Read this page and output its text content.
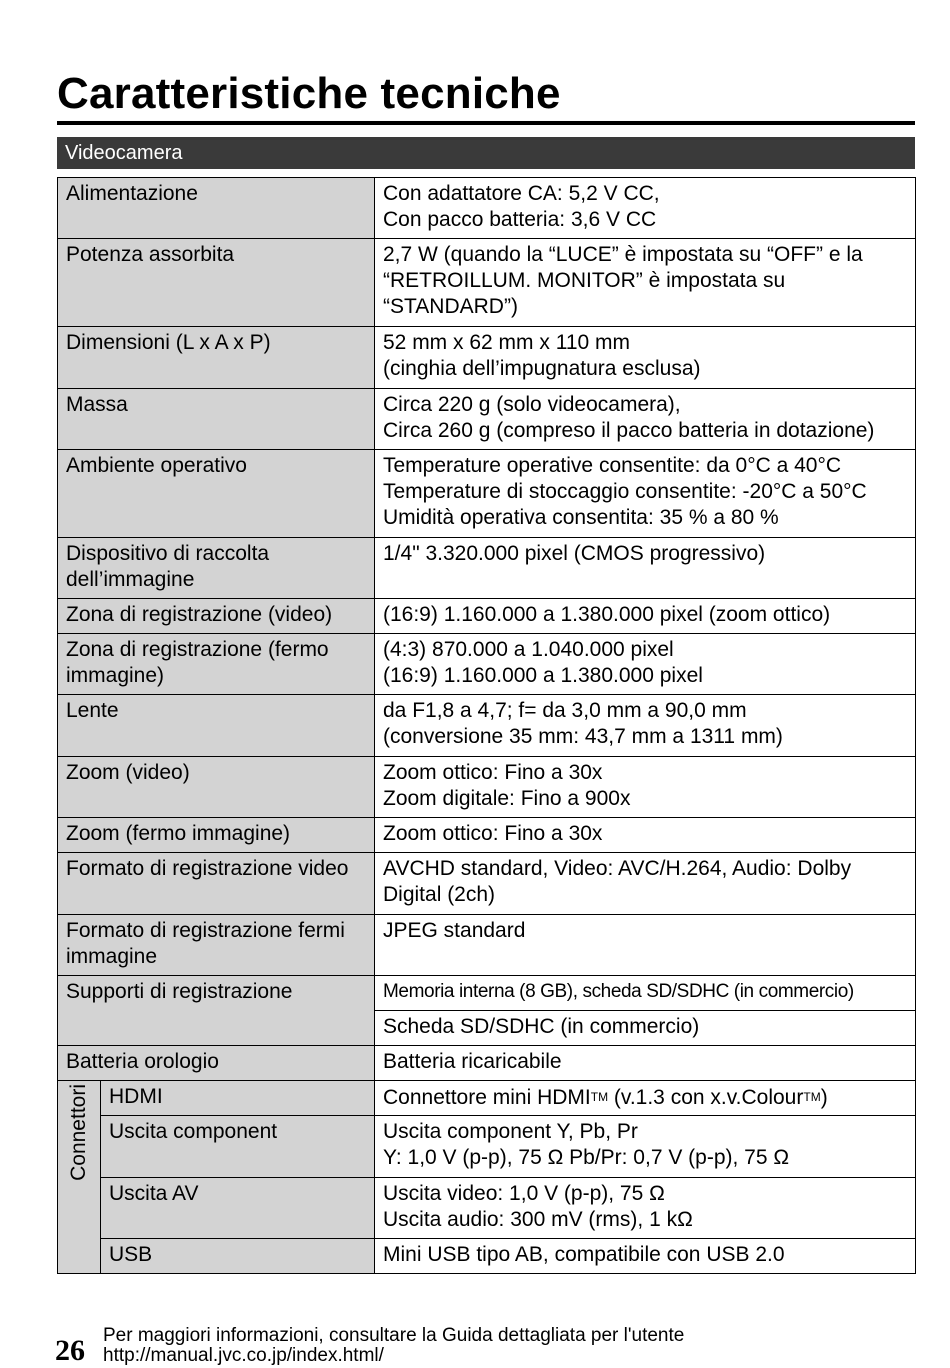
Caratteristiche tecniche
Videocamera
Alimentazione		Con adattatore CA: 5,2 V CC,
Con pacco batteria: 3,6 V CC
Potenza assorbita		2,7 W (quando la “LUCE” è impostata su “OFF” e la
“RETROILLUM. MONITOR” è impostata su
“STANDARD”)
Dimensioni (L x A x P)		52 mm x 62 mm x 110 mm
(cinghia dell’impugnatura esclusa)
Massa		Circa 220 g (solo videocamera),
Circa 260 g (compreso il pacco batteria in dotazione)
Ambiente operativo		Temperature operative consentite: da 0°C a 40°C
Temperature di stoccaggio consentite: -20°C a 50°C
Umidità operativa consentita: 35 % a 80 %
Dispositivo di raccolta
dell’immagine		1/4" 3.320.000 pixel (CMOS progressivo)
Zona di registrazione (video)		(16:9) 1.160.000 a 1.380.000 pixel (zoom ottico)
Zona di registrazione (fermo
immagine)		(4:3) 870.000 a 1.040.000 pixel
(16:9) 1.160.000 a 1.380.000 pixel
Lente		da F1,8 a 4,7; f= da 3,0 mm a 90,0 mm
(conversione 35 mm: 43,7 mm a 1311 mm)
Zoom (video)		Zoom ottico: Fino a 30x
Zoom digitale: Fino a 900x
Zoom (fermo immagine)		Zoom ottico: Fino a 30x
Formato di registrazione video		AVCHD standard, Video: AVC/H.264, Audio: Dolby
Digital (2ch)
Formato di registrazione fermi
immagine		JPEG standard
Supporti di registrazione		Memoria interna (8 GB), scheda SD/SDHC (in commercio)
		Scheda SD/SDHC (in commercio)
Batteria orologio		Batteria ricaricabile
Connettori	HDMI	Connettore mini HDMITM (v.1.3 con x.v.ColourTM)
	Uscita component	Uscita component Y, Pb, Pr
Y: 1,0 V (p-p), 75 Ω Pb/Pr: 0,7 V (p-p), 75 Ω
	Uscita AV	Uscita video: 1,0 V (p-p), 75 Ω
Uscita audio: 300 mV (rms), 1 kΩ
	USB	Mini USB tipo AB, compatibile con USB 2.0
26 Per maggiori informazioni, consultare la Guida dettagliata per l'utente
http://manual.jvc.co.jp/index.html/
